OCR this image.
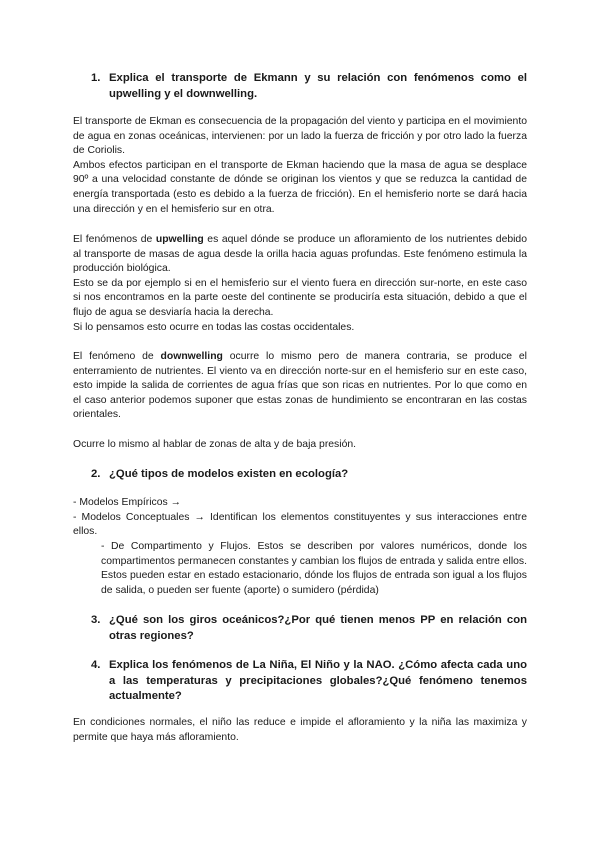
1. Explica el transporte de Ekmann y su relación con fenómenos como el upwelling y el downwelling.
El transporte de Ekman es consecuencia de la propagación del viento y participa en el movimiento de agua en zonas oceánicas, intervienen: por un lado la fuerza de fricción y por otro lado la fuerza de Coriolis.
Ambos efectos participan en el transporte de Ekman haciendo que la masa de agua se desplace 90º a una velocidad constante de dónde se originan los vientos y que se reduzca la cantidad de energía transportada (esto es debido a la fuerza de fricción). En el hemisferio norte se dará hacia una dirección y en el hemisferio sur en otra.
El fenómenos de upwelling es aquel dónde se produce un afloramiento de los nutrientes debido al transporte de masas de agua desde la orilla hacia aguas profundas. Este fenómeno estimula la producción biológica.
Esto se da por ejemplo si en el hemisferio sur el viento fuera en dirección sur-norte, en este caso si nos encontramos en la parte oeste del continente se produciría esta situación, debido a que el flujo de agua se desviaría hacia la derecha.
Si lo pensamos esto ocurre en todas las costas occidentales.
El fenómeno de downwelling ocurre lo mismo pero de manera contraria, se produce el enterramiento de nutrientes. El viento va en dirección norte-sur en el hemisferio sur en este caso, esto impide la salida de corrientes de agua frías que son ricas en nutrientes. Por lo que como en el caso anterior podemos suponer que estas zonas de hundimiento se encontraran en las costas orientales.
Ocurre lo mismo al hablar de zonas de alta y de baja presión.
2. ¿Qué tipos de modelos existen en ecología?
- Modelos Empíricos →
- Modelos Conceptuales → Identifican los elementos constituyentes y sus interacciones entre ellos.
- De Compartimento y Flujos. Estos se describen por valores numéricos, donde los compartimentos permanecen constantes y cambian los flujos de entrada y salida entre ellos. Estos pueden estar en estado estacionario, dónde los flujos de entrada son igual a los flujos de salida, o pueden ser fuente (aporte) o sumidero (pérdida)
3. ¿Qué son los giros oceánicos?¿Por qué tienen menos PP en relación con otras regiones?
4. Explica los fenómenos de La Niña, El Niño y la NAO. ¿Cómo afecta cada uno a las temperaturas y precipitaciones globales?¿Qué fenómeno tenemos actualmente?
En condiciones normales, el niño las reduce e impide el afloramiento y la niña las maximiza y permite que haya más afloramiento.
